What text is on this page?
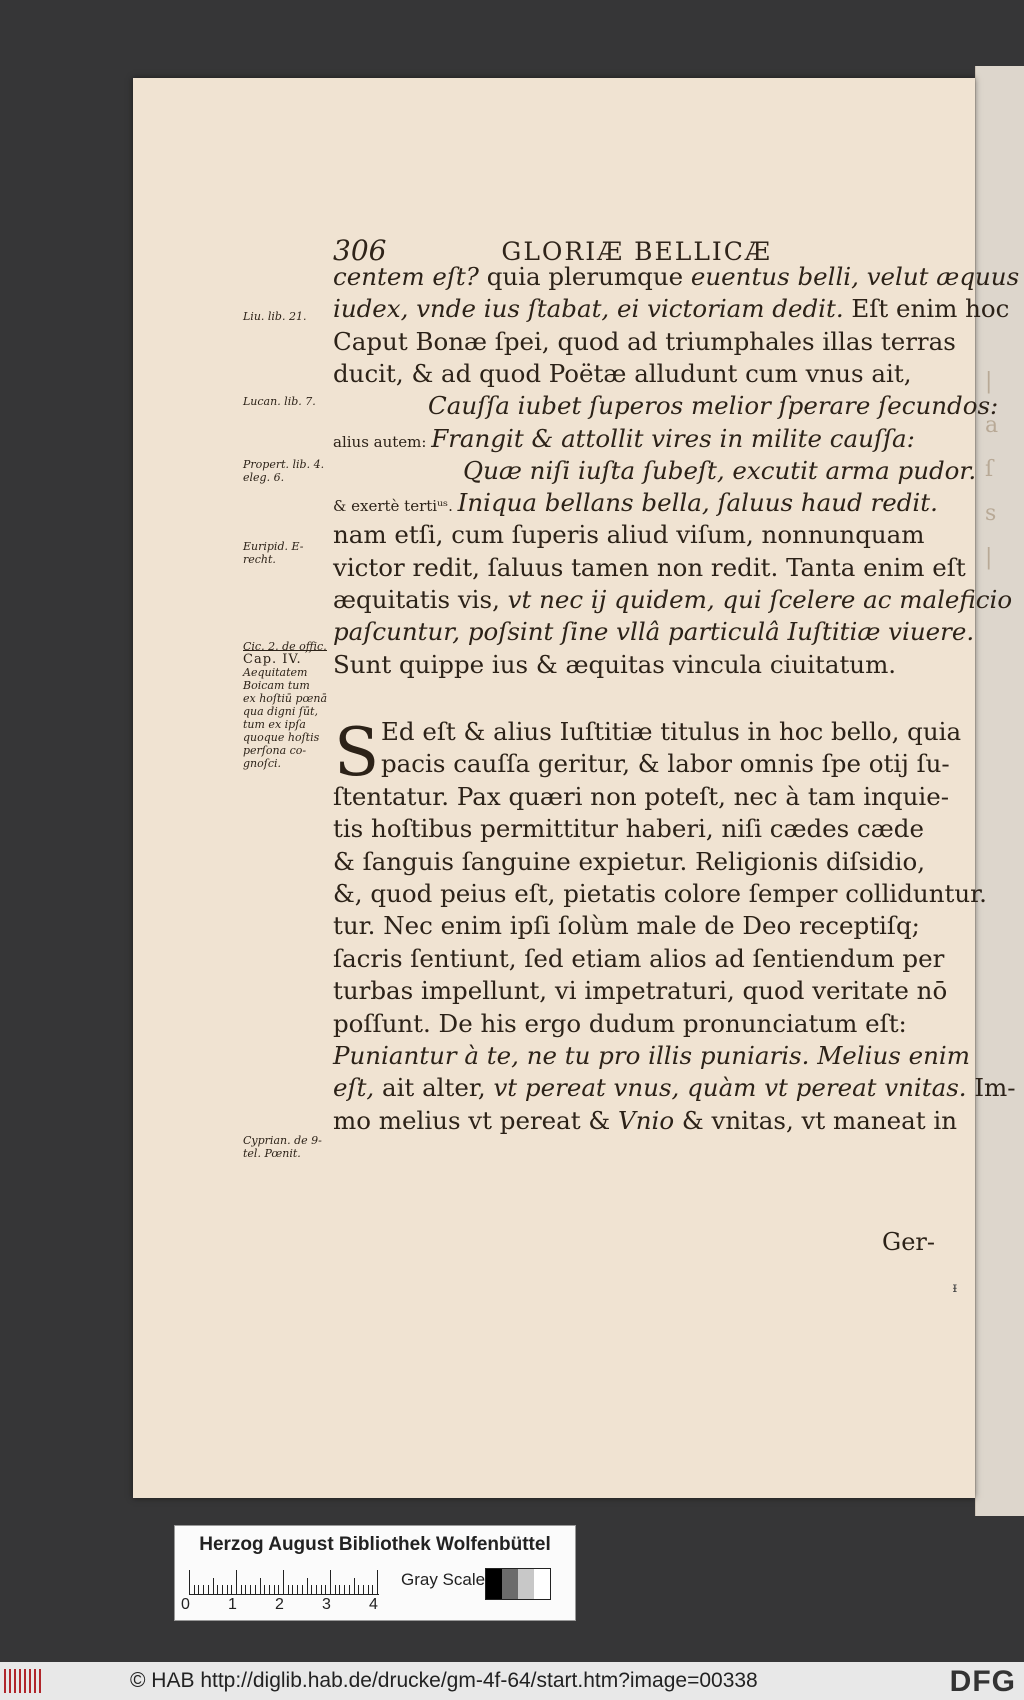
|
a
ſ
s
|
306	GLORIÆ BELLICÆ
centem eſt? quia plerumque euentus belli, velut æquus
iudex, vnde ius ſtabat, ei victoriam dedit. Eſt enim hoc
Caput Bonæ ſpei, quod ad triumphales illas terras
ducit, & ad quod Poëtæ alludunt cum vnus ait,
Cauſſa iubet ſuperos melior ſperare ſecundos:
alius autem: Frangit & attollit vires in milite cauſſa:
Quæ niſi iuſta ſubeſt, excutit arma pudor.
& exertè tertiᵘˢ. Iniqua bellans bella, ſaluus haud redit.
nam etſi, cum ſuperis aliud viſum, nonnunquam
victor redit, ſaluus tamen non redit. Tanta enim eſt
æquitatis vis, vt nec ij quidem, qui ſcelere ac maleficio
paſcuntur, poſsint ſine vllâ particulâ Iuſtitiæ viuere.
Sunt quippe ius & æquitas vincula ciuitatum.
Ed eſt & alius Iuſtitiæ titulus in hoc bello, quia
pacis cauſſa geritur, & labor omnis ſpe otij ſu-
ſtentatur. Pax quæri non poteſt, nec à tam inquie-
tis hoſtibus permittitur haberi, niſi cædes cæde
& ſanguis ſanguine expietur. Religionis diſsidio,
&, quod peius eſt, pietatis colore ſemper colliduntur.
tur. Nec enim ipſi ſolùm male de Deo receptiſq;
ſacris ſentiunt, ſed etiam alios ad ſentiendum per
turbas impellunt, vi impetraturi, quod veritate nō
poſſunt. De his ergo dudum pronunciatum eſt:
Puniantur à te, ne tu pro illis puniaris. Melius enim
eſt, ait alter, vt pereat vnus, quàm vt pereat vnitas. Im-
mo melius vt pereat & Vnio & vnitas, vt maneat in
S
Liu. lib. 21.
Lucan. lib. 7.
Propert. lib. 4.
eleg. 6.
Euripid. E-
recht.
Cic. 2. de offic.
Cyprian. de 9-
tel. Pœnit.
Cap. IV.
Aequitatem
Boicam tum
ex hoſtiū pœnā
qua digni ſūt,
tum ex ipſa
quoque hoſtis
perſona co-
gnoſci.
Ger-
ᵻ
Herzog August Bibliothek Wolfenbüttel
0 1 2 3 4
Gray Scale
© HAB http://diglib.hab.de/drucke/gm-4f-64/start.htm?image=00338	DFG
